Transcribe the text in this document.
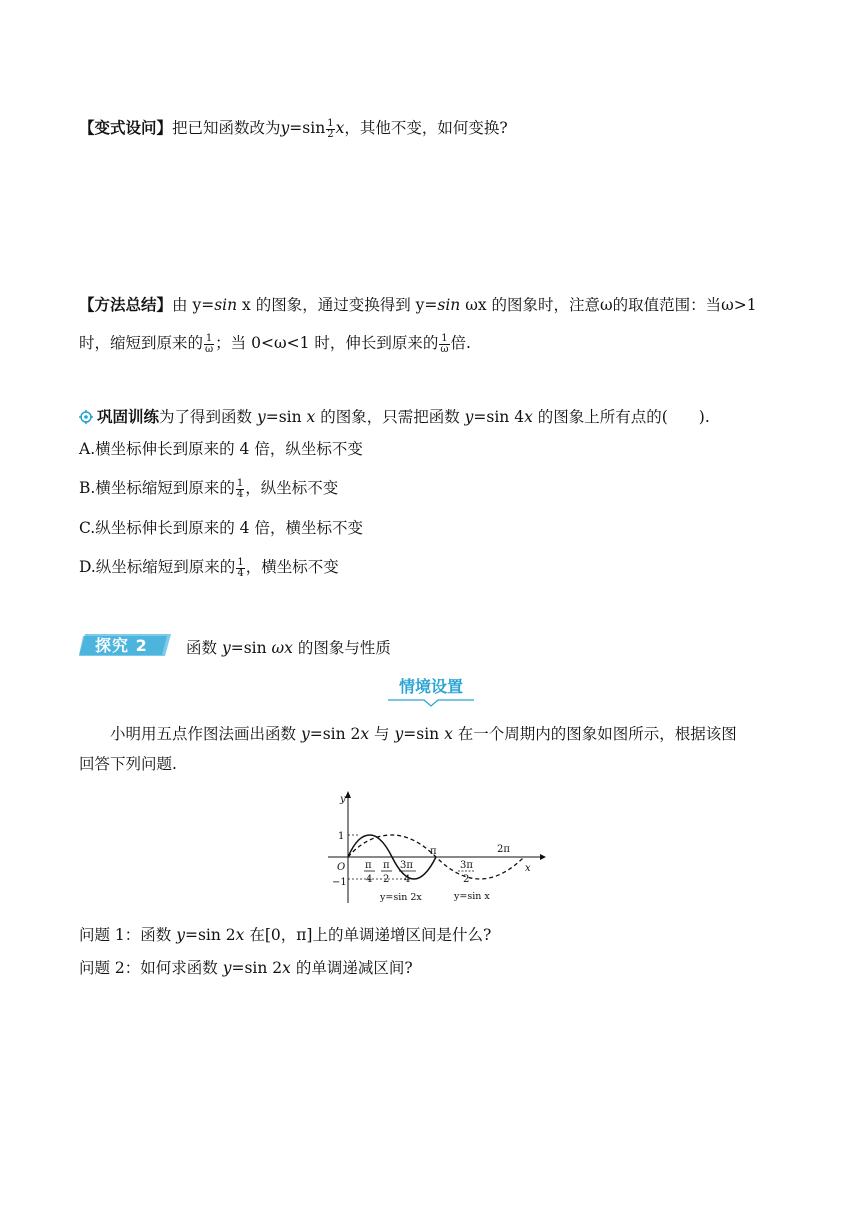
【变式设问】把已知函数改为$y=\sin \frac{1}{2}$ x，其他不变，如何变换?
【方法总结】由 y=sin x 的图象，通过变换得到 y=sin ωx 的图象时，注意ω的取值范围：当ω>1
时，缩短到原来的 $\frac{1}{\omega}$ ；当 0<ω<1 时，伸长到原来的 $\frac{1}{\omega}$ 倍.
巩固训练为了得到函数 y=sin x 的图象，只需把函数 y=sin 4x 的图象上所有点的(　　).
A.横坐标伸长到原来的 4 倍，纵坐标不变
B.横坐标缩短到原来的 $\frac{1}{4}$ ，纵坐标不变
C.纵坐标伸长到原来的 4 倍，横坐标不变
D.纵坐标缩短到原来的 $\frac{1}{4}$ ，横坐标不变
探究 2 函数 y=sin ωx 的图象与性质
情境设置
小明用五点作图法画出函数 y=sin 2x 与 y=sin x 在一个周期内的图象如图所示，根据该图
回答下列问题.
y
x
O
1
−1
π
4
π
2
3π
4
π
3π
2
2π
y=sin 2x	y=sin x
问题 1：函数 y=sin 2x 在[0，π]上的单调递增区间是什么?
问题 2：如何求函数 y=sin 2x 的单调递减区间?
